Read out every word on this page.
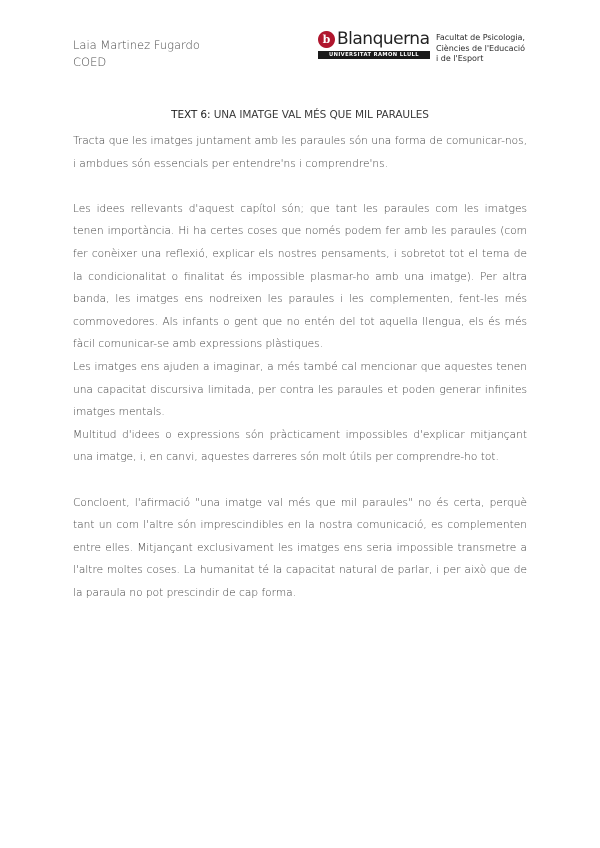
Laia Martinez Fugardo
COED
b Blanquerna
UNIVERSITAT RAMON LLULL
Facultat de Psicologia,
Ciències de l'Educació
i de l'Esport
TEXT 6: UNA IMATGE VAL MÉS QUE MIL PARAULES

Tracta que les imatges juntament amb les paraules són una forma de comunicar-nos, i ambdues són essencials per entendre'ns i comprendre'ns.

Les idees rellevants d'aquest capítol són; que tant les paraules com les imatges tenen importància. Hi ha certes coses que només podem fer amb les paraules (com fer conèixer una reflexió, explicar els nostres pensaments, i sobretot tot el tema de la condicionalitat o finalitat és impossible plasmar-ho amb una imatge). Per altra banda, les imatges ens nodreixen les paraules i les complementen, fent-les més commovedores. Als infants o gent que no entén del tot aquella llengua, els és més fàcil comunicar-se amb expressions plàstiques.

Les imatges ens ajuden a imaginar, a més també cal mencionar que aquestes tenen una capacitat discursiva limitada, per contra les paraules et poden generar infinites imatges mentals.

Multitud d'idees o expressions són pràcticament impossibles d'explicar mitjançant una imatge, i, en canvi, aquestes darreres són molt útils per comprendre-ho tot.

Concloent, l'afirmació "una imatge val més que mil paraules" no és certa, perquè tant un com l'altre són imprescindibles en la nostra comunicació, es complementen entre elles. Mitjançant exclusivament les imatges ens seria impossible transmetre a l'altre moltes coses. La humanitat té la capacitat natural de parlar, i per això que de la paraula no pot prescindir de cap forma.
